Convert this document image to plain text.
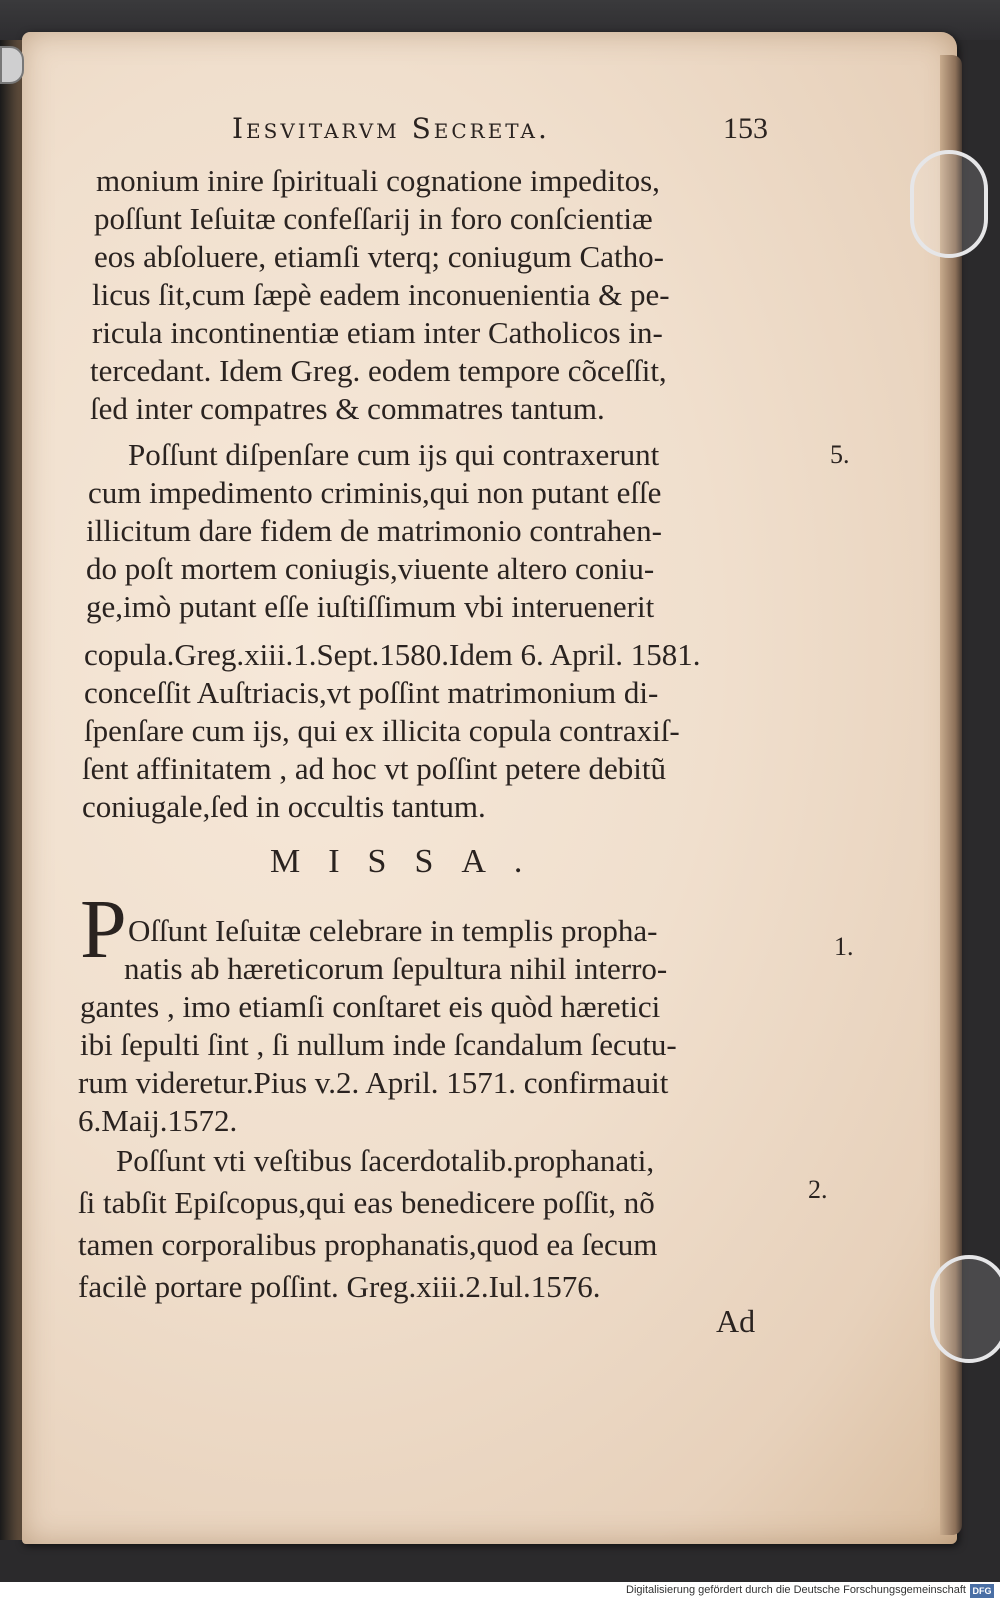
Iesvitarvm Secreta.	153
monium inire ſpirituali cognatione impeditos,
poſſunt Ieſuitæ confeſſarij in foro conſcientiæ
eos abſoluere, etiamſi vterq; coniugum Catho-
licus ſit,cum ſæpè eadem inconuenientia & pe-
ricula incontinentiæ etiam inter Catholicos in-
tercedant. Idem Greg. eodem tempore cõceſſit,
ſed inter compatres & commatres tantum.
Poſſunt diſpenſare cum ijs qui contraxerunt
cum impedimento criminis,qui non putant eſſe
illicitum dare fidem de matrimonio contrahen-
do poſt mortem coniugis,viuente altero coniu-
ge,imò putant eſſe iuſtiſſimum vbi interuenerit
copula.Greg.xiii.1.Sept.1580.Idem 6. April. 1581.
conceſſit Auſtriacis,vt poſſint matrimonium di-
ſpenſare cum ijs, qui ex illicita copula contraxiſ-
ſent affinitatem , ad hoc vt poſſint petere debitũ
coniugale,ſed in occultis tantum.
MISSA.
P Oſſunt Ieſuitæ celebrare in templis propha-
natis ab hæreticorum ſepultura nihil interro-
gantes , imo etiamſi conſtaret eis quòd hæretici
ibi ſepulti ſint , ſi nullum inde ſcandalum ſecutu-
rum videretur.Pius v.2. April. 1571. confirmauit
6.Maij.1572.
Poſſunt vti veſtibus ſacerdotalib.prophanati,
ſi tabſit Epiſcopus,qui eas benedicere poſſit, nõ
tamen corporalibus prophanatis,quod ea ſecum
facilè portare poſſint. Greg.xiii.2.Iul.1576.
5.
1.
2.
Ad
Digitalisierung gefördert durch die Deutsche Forschungsgemeinschaft DFG
